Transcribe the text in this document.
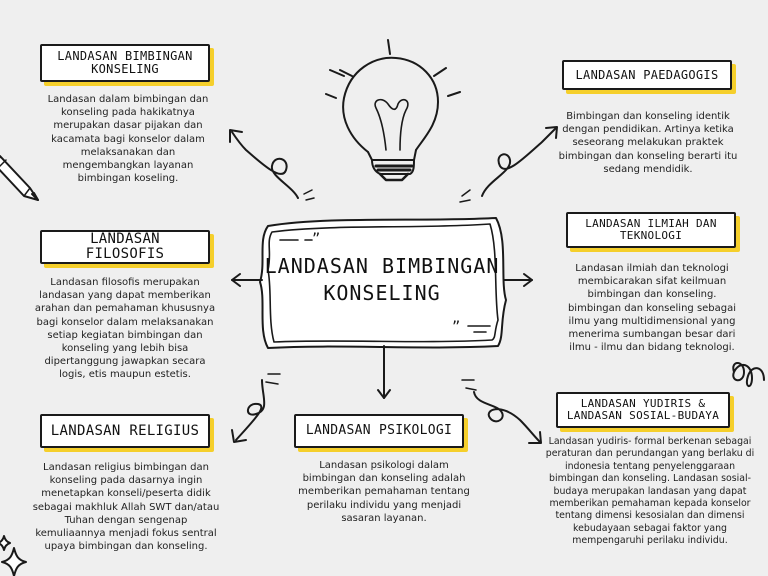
”
”
LANDASAN BIMBINGAN
KONSELING
LANDASAN BIMBINGAN
KONSELING

Landasan dalam bimbingan dan konseling pada hakikatnya merupakan dasar pijakan dan kacamata bagi konselor dalam melaksanakan dan mengembangkan layanan bimbingan koseling.

LANDASAN PAEDAGOGIS

Bimbingan dan konseling identik dengan pendidikan. Artinya ketika seseorang melakukan praktek bimbingan dan konseling berarti itu sedang mendidik.

LANDASAN FILOSOFIS

Landasan filosofis merupakan landasan yang dapat memberikan arahan dan pemahaman khususnya bagi konselor dalam melaksanakan setiap kegiatan bimbingan dan konseling yang lebih bisa dipertanggung jawapkan secara logis, etis maupun estetis.

LANDASAN ILMIAH DAN
TEKNOLOGI

Landasan ilmiah dan teknologi membicarakan sifat keilmuan bimbingan dan konseling. bimbingan dan konseling sebagai ilmu yang multidimensional yang menerima sumbangan besar dari ilmu - ilmu dan bidang teknologi.

LANDASAN RELIGIUS

Landasan religius bimbingan dan konseling pada dasarnya ingin menetapkan konseli/peserta didik sebagai makhluk Allah SWT dan/atau Tuhan dengan sengenap kemuliaannya menjadi fokus sentral upaya bimbingan dan konseling.

LANDASAN PSIKOLOGI

Landasan psikologi dalam bimbingan dan konseling adalah memberikan pemahaman tentang perilaku individu yang menjadi sasaran layanan.

LANDASAN YUDIRIS &
LANDASAN SOSIAL-BUDAYA

Landasan yudiris- formal berkenan sebagai peraturan dan perundangan yang berlaku di indonesia tentang penyelenggaraan bimbingan dan konseling. Landasan sosial-budaya merupakan landasan yang dapat memberikan pemahaman kepada konselor tentang dimensi kesosialan dan dimensi kebudayaan sebagai faktor yang mempengaruhi perilaku individu.
